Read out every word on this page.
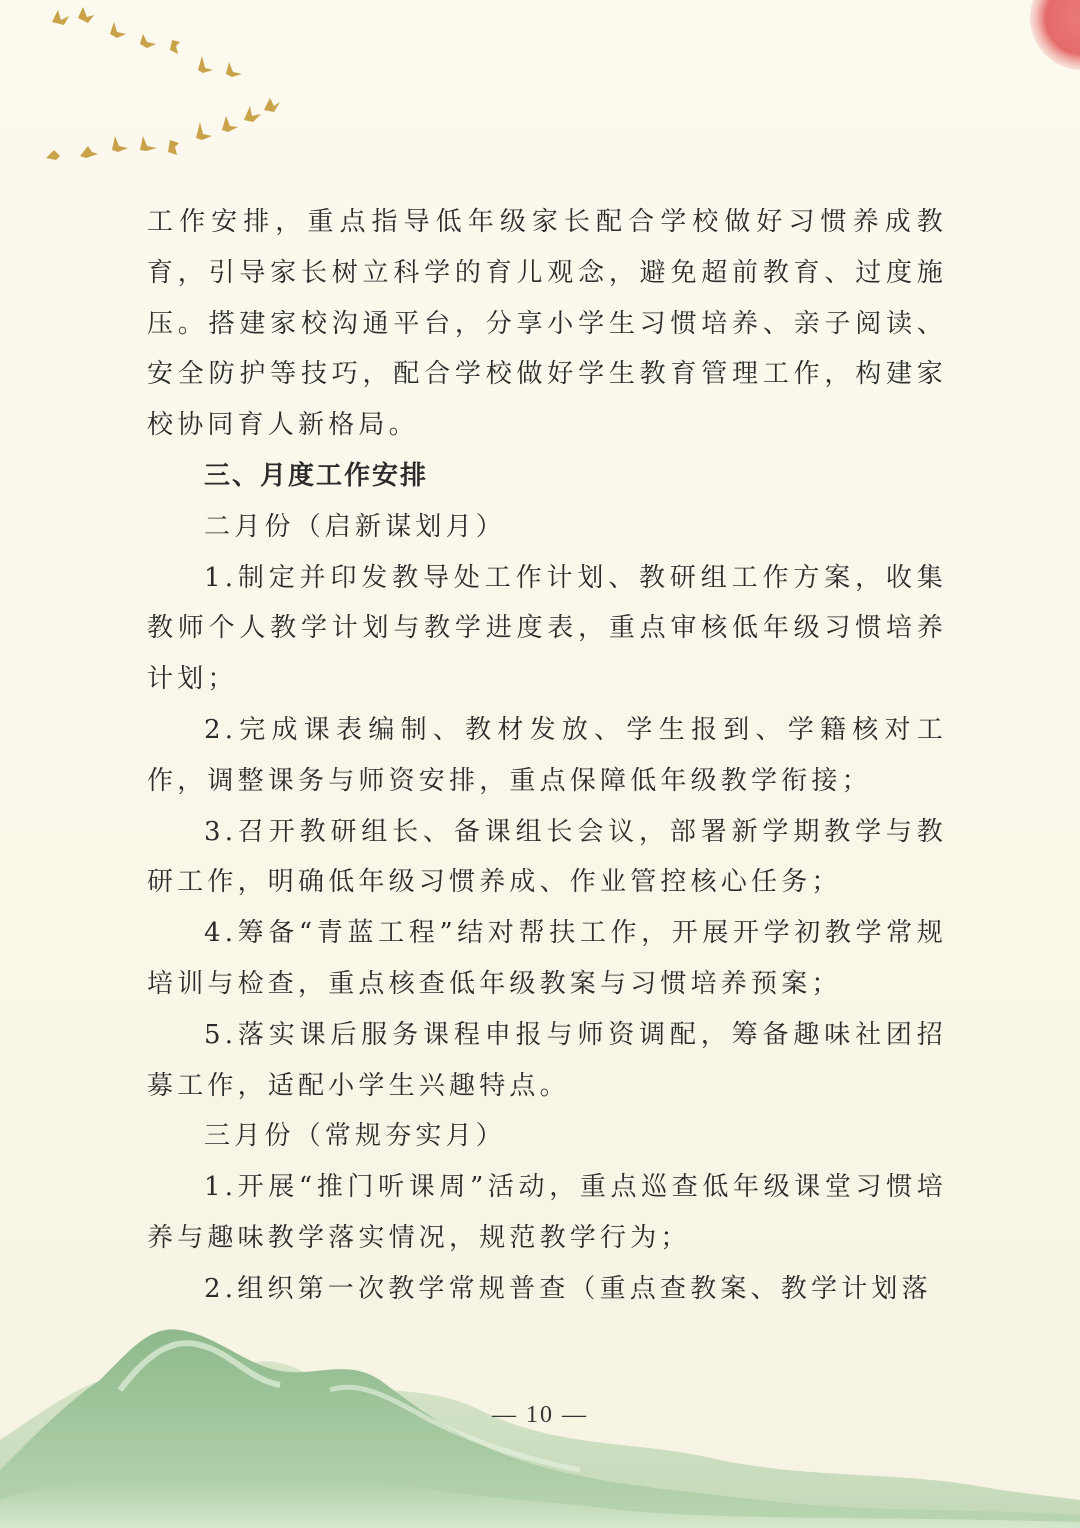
工作安排，重点指导低年级家长配合学校做好习惯养成教育，引导家长树立科学的育儿观念，避免超前教育、过度施压。搭建家校沟通平台，分享小学生习惯培养、亲子阅读、安全防护等技巧，配合学校做好学生教育管理工作，构建家校协同育人新格局。

三、月度工作安排

二月份（启新谋划月）

1.制定并印发教导处工作计划、教研组工作方案，收集教师个人教学计划与教学进度表，重点审核低年级习惯培养计划；

2.完成课表编制、教材发放、学生报到、学籍核对工作，调整课务与师资安排，重点保障低年级教学衔接；

3.召开教研组长、备课组长会议，部署新学期教学与教研工作，明确低年级习惯养成、作业管控核心任务；

4.筹备“青蓝工程”结对帮扶工作，开展开学初教学常规培训与检查，重点核查低年级教案与习惯培养预案；

5.落实课后服务课程申报与师资调配，筹备趣味社团招募工作，适配小学生兴趣特点。

三月份（常规夯实月）

1.开展“推门听课周”活动，重点巡查低年级课堂习惯培养与趣味教学落实情况，规范教学行为；

2.组织第一次教学常规普查（重点查教案、教学计划落

— 10 —
